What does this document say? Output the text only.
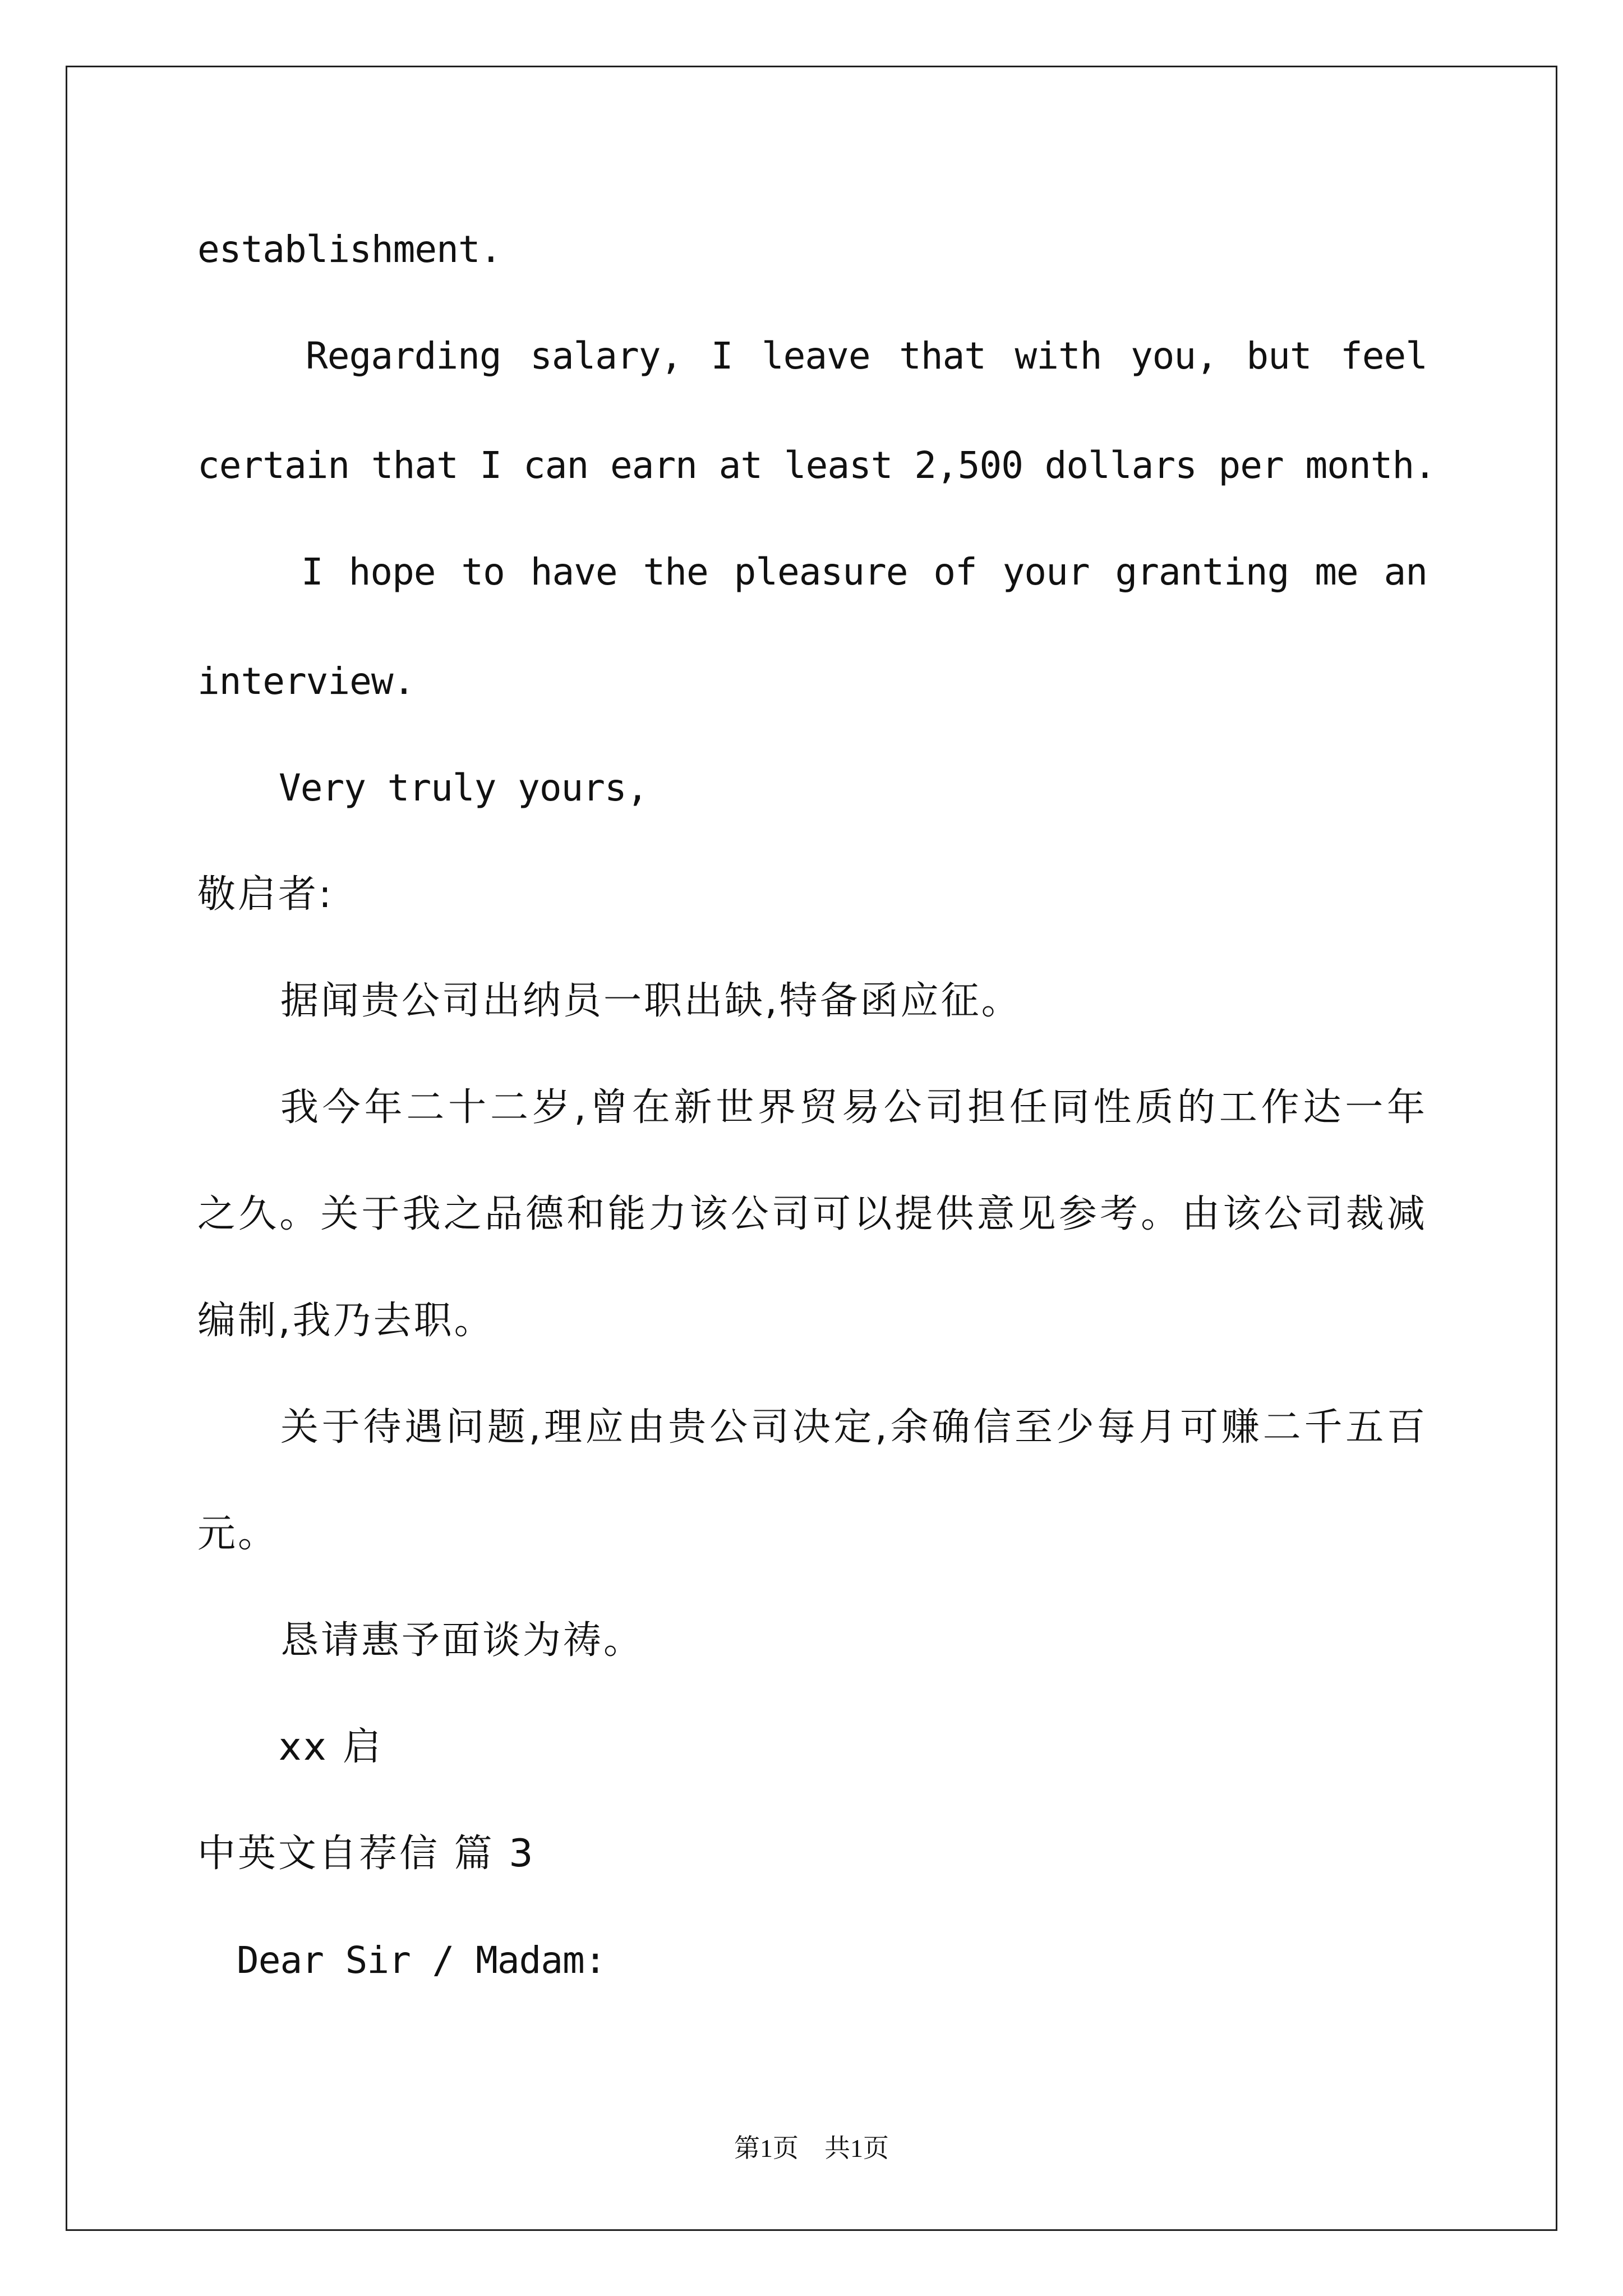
establishment.

Regarding salary, I leave that with you, but feel

certain that I can earn at least 2,500 dollars per month.

I hope to have the pleasure of your granting me an

interview.

Very truly yours,

敬启者:

据闻贵公司出纳员一职出缺,特备函应征。

我今年二十二岁,曾在新世界贸易公司担任同性质的工作达一年

之久。关于我之品德和能力该公司可以提供意见参考。由该公司裁减

编制,我乃去职。

关于待遇问题,理应由贵公司决定,余确信至少每月可赚二千五百

元。

恳请惠予面谈为祷。

xx 启

中英文自荐信 篇 3

Dear Sir / Madam:

第1页　共1页
